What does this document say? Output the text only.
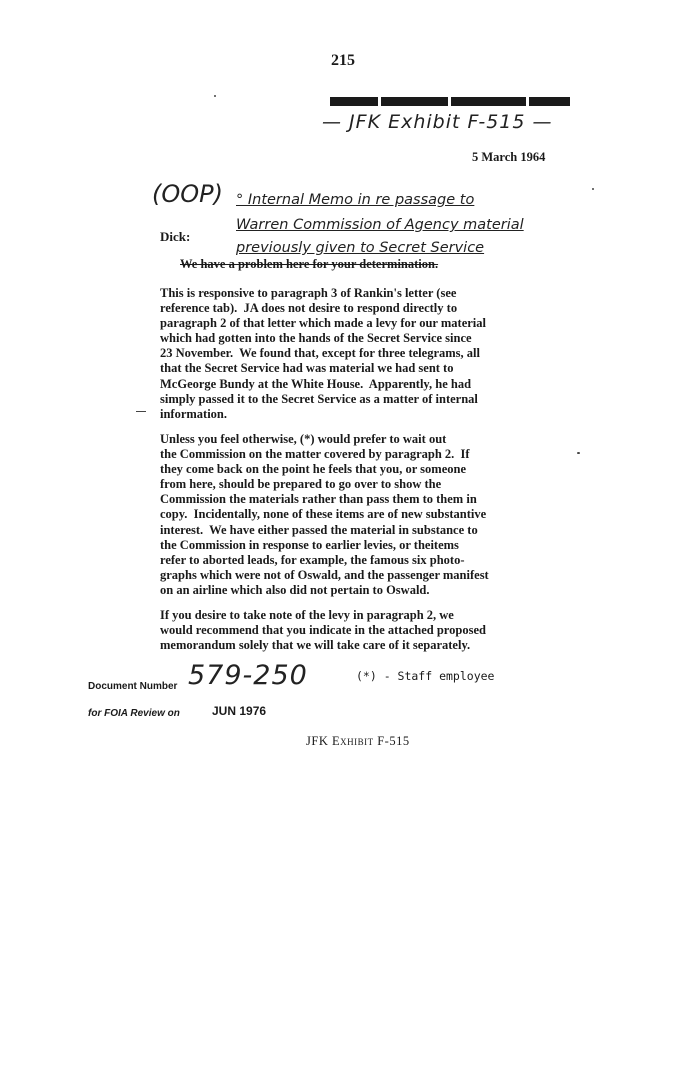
215
— JFK Exhibit F-515 —
5 March 1964
(OOP) ° Internal Memo in re passage to
Warren Commission of Agency material
previously given to Secret Service
Dick:
We have a problem here for your determination.
This is responsive to paragraph 3 of Rankin's letter (see
reference tab).  JA does not desire to respond directly to
paragraph 2 of that letter which made a levy for our material
which had gotten into the hands of the Secret Service since
23 November.  We found that, except for three telegrams, all
that the Secret Service had was material we had sent to
McGeorge Bundy at the White House.  Apparently, he had
simply passed it to the Secret Service as a matter of internal
information.
Unless you feel otherwise, (*) would prefer to wait out
the Commission on the matter covered by paragraph 2.  If
they come back on the point he feels that you, or someone
from here, should be prepared to go over to show the
Commission the materials rather than pass them to them in
copy.  Incidentally, none of these items are of new substantive
interest.  We have either passed the material in substance to
the Commission in response to earlier levies, or theitems
refer to aborted leads, for example, the famous six photo-
graphs which were not of Oswald, and the passenger manifest
on an airline which also did not pertain to Oswald.
If you desire to take note of the levy in paragraph 2, we
would recommend that you indicate in the attached proposed
memorandum solely that we will take care of it separately.
Document Number 579-250	(*) - Staff employee
for FOIA Review on	JUN 1976
JFK Exhibit F-515
